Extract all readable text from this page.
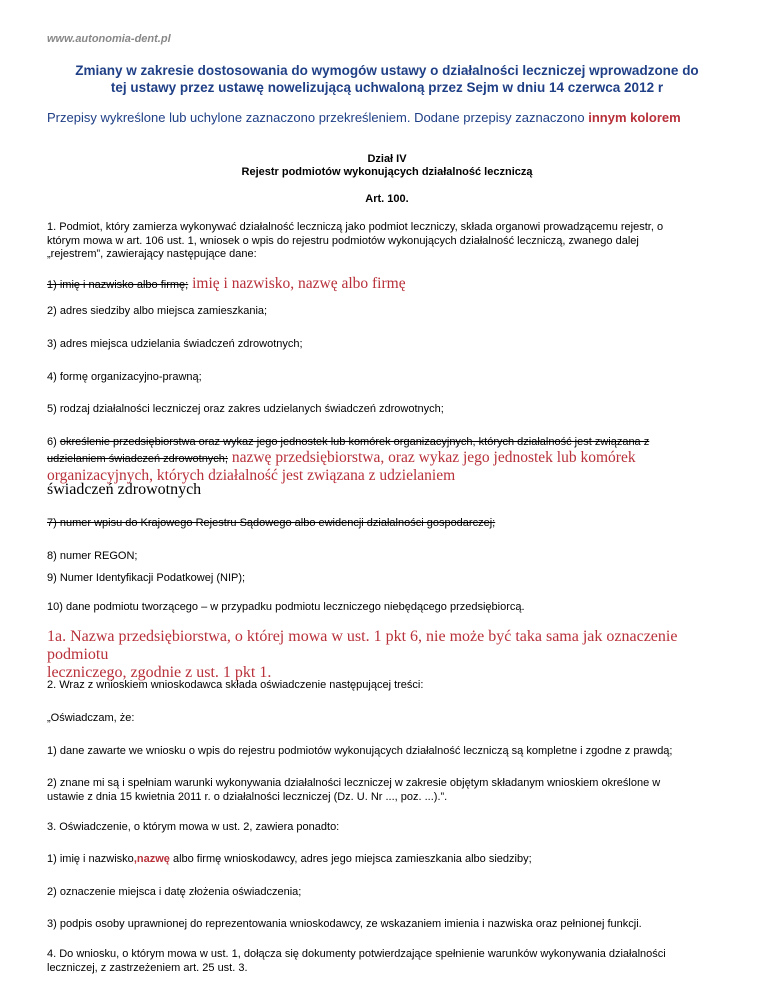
www.autonomia-dent.pl
Zmiany w zakresie dostosowania do wymogów ustawy o działalności leczniczej wprowadzone do
tej ustawy przez ustawę nowelizującą uchwaloną przez Sejm w dniu 14 czerwca 2012 r
Przepisy wykreślone lub uchylone zaznaczono przekreśleniem. Dodane przepisy zaznaczono innym kolorem
Dział IV
Rejestr podmiotów wykonujących działalność leczniczą
Art. 100.
1. Podmiot, który zamierza wykonywać działalność leczniczą jako podmiot leczniczy, składa organowi prowadzącemu rejestr, o
którym mowa w art. 106 ust. 1, wniosek o wpis do rejestru podmiotów wykonujących działalność leczniczą, zwanego dalej
„rejestrem”, zawierający następujące dane:
1) imię i nazwisko albo firmę; imię i nazwisko, nazwę albo firmę
2) adres siedziby albo miejsca zamieszkania;
3) adres miejsca udzielania świadczeń zdrowotnych;
4) formę organizacyjno-prawną;
5) rodzaj działalności leczniczej oraz zakres udzielanych świadczeń zdrowotnych;
6) określenie przedsiębiorstwa oraz wykaz jego jednostek lub komórek organizacyjnych, których działalność jest związana z
udzielaniem świadczeń zdrowotnych; nazwę przedsiębiorstwa, oraz wykaz jego jednostek lub komórek
organizacyjnych, których działalność jest związana z udzielaniem
świadczeń zdrowotnych
7) numer wpisu do Krajowego Rejestru Sądowego albo ewidencji działalności gospodarczej;
8) numer REGON;
9) Numer Identyfikacji Podatkowej (NIP);
10) dane podmiotu tworzącego – w przypadku podmiotu leczniczego niebędącego przedsiębiorcą.
1a. Nazwa przedsiębiorstwa, o której mowa w ust. 1 pkt 6, nie może być taka sama jak oznaczenie podmiotu
leczniczego, zgodnie z ust. 1 pkt 1.
2. Wraz z wnioskiem wnioskodawca składa oświadczenie następującej treści:
„Oświadczam, że:
1) dane zawarte we wniosku o wpis do rejestru podmiotów wykonujących działalność leczniczą są kompletne i zgodne z prawdą;
2) znane mi są i spełniam warunki wykonywania działalności leczniczej w zakresie objętym składanym wnioskiem określone w
ustawie z dnia 15 kwietnia 2011 r. o działalności leczniczej (Dz. U. Nr ..., poz. ...).”.
3. Oświadczenie, o którym mowa w ust. 2, zawiera ponadto:
1) imię i nazwisko,nazwę albo firmę wnioskodawcy, adres jego miejsca zamieszkania albo siedziby;
2) oznaczenie miejsca i datę złożenia oświadczenia;
3) podpis osoby uprawnionej do reprezentowania wnioskodawcy, ze wskazaniem imienia i nazwiska oraz pełnionej funkcji.
4. Do wniosku, o którym mowa w ust. 1, dołącza się dokumenty potwierdzające spełnienie warunków wykonywania działalności
leczniczej, z zastrzeżeniem art. 25 ust. 3.
